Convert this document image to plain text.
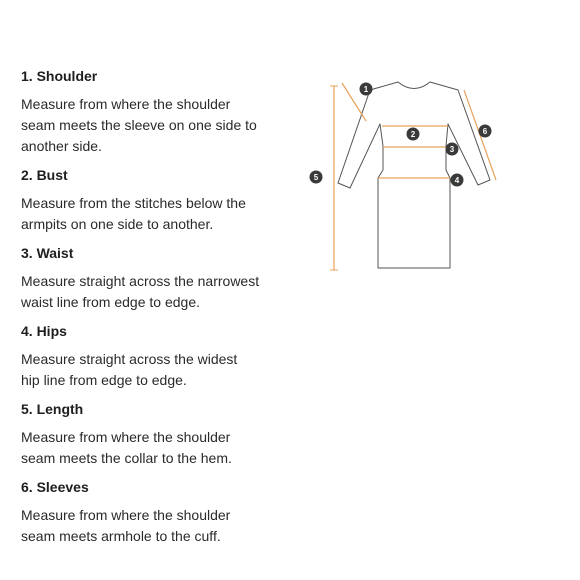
1. Shoulder
Measure from where the shoulder
seam meets the sleeve on one side to
another side.
2. Bust
Measure from the stitches below the
armpits on one side to another.
3. Waist
Measure straight across the narrowest
waist line from edge to edge.
4. Hips
Measure straight across the widest
hip line from edge to edge.
5. Length
Measure from where the shoulder
seam meets the collar to the hem.
6. Sleeves
Measure from where the shoulder
seam meets armhole to the cuff.
1
2
3
4
5
6
